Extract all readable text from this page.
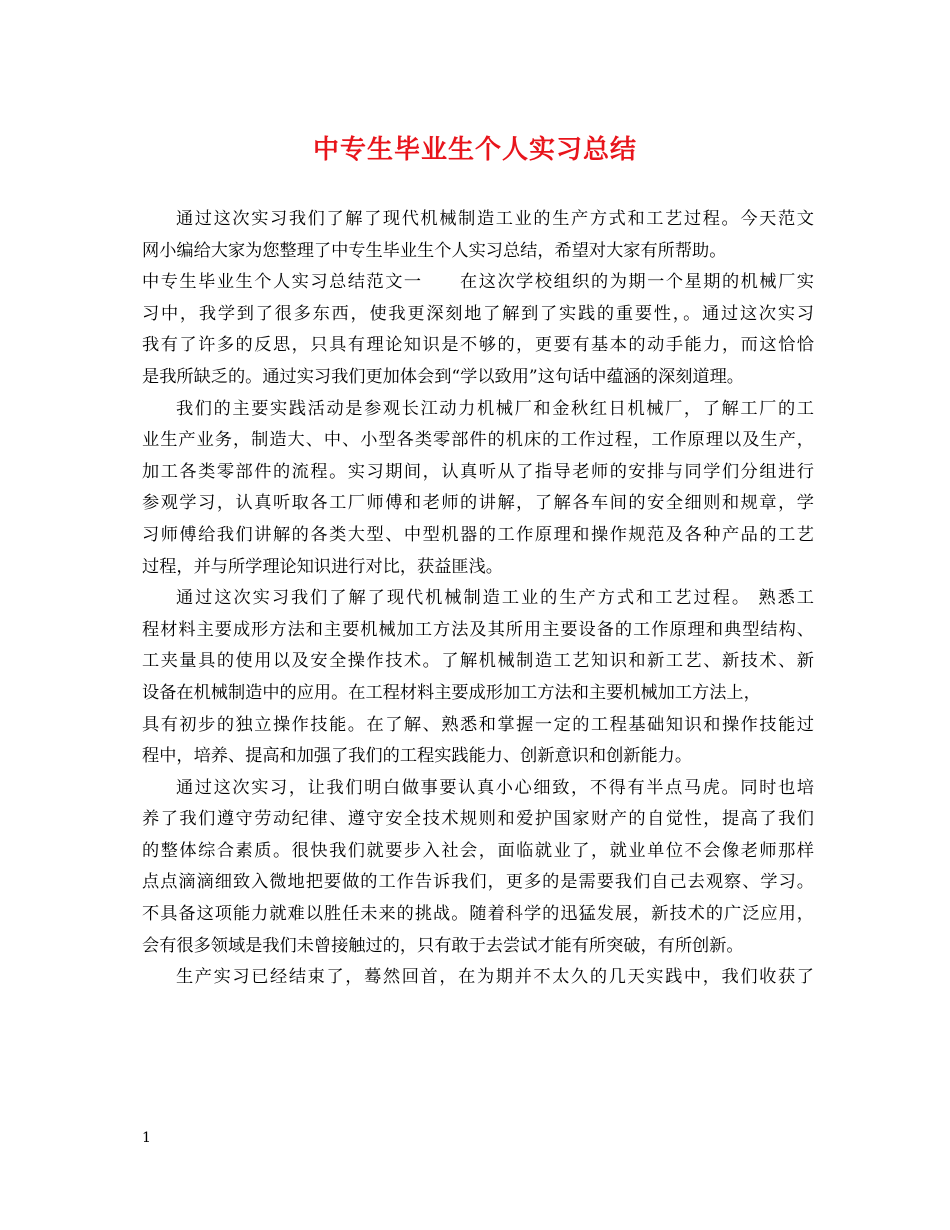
中专生毕业生个人实习总结
通过这次实习我们了解了现代机械制造工业的生产方式和工艺过程。今天范文
网小编给大家为您整理了中专生毕业生个人实习总结，希望对大家有所帮助。
中专生毕业生个人实习总结范文一　　在这次学校组织的为期一个星期的机械厂实
习中，我学到了很多东西，使我更深刻地了解到了实践的重要性，。通过这次实习
我有了许多的反思，只具有理论知识是不够的，更要有基本的动手能力，而这恰恰
是我所缺乏的。通过实习我们更加体会到“学以致用”这句话中蕴涵的深刻道理。
我们的主要实践活动是参观长江动力机械厂和金秋红日机械厂，了解工厂的工
业生产业务，制造大、中、小型各类零部件的机床的工作过程，工作原理以及生产，
加工各类零部件的流程。实习期间，认真听从了指导老师的安排与同学们分组进行
参观学习，认真听取各工厂师傅和老师的讲解，了解各车间的安全细则和规章，学
习师傅给我们讲解的各类大型、中型机器的工作原理和操作规范及各种产品的工艺
过程，并与所学理论知识进行对比，获益匪浅。
通过这次实习我们了解了现代机械制造工业的生产方式和工艺过程。 熟悉工
程材料主要成形方法和主要机械加工方法及其所用主要设备的工作原理和典型结构、
工夹量具的使用以及安全操作技术。了解机械制造工艺知识和新工艺、新技术、新
设备在机械制造中的应用。在工程材料主要成形加工方法和主要机械加工方法上，
具有初步的独立操作技能。在了解、熟悉和掌握一定的工程基础知识和操作技能过
程中，培养、提高和加强了我们的工程实践能力、创新意识和创新能力。
通过这次实习，让我们明白做事要认真小心细致，不得有半点马虎。同时也培
养了我们遵守劳动纪律、遵守安全技术规则和爱护国家财产的自觉性，提高了我们
的整体综合素质。很快我们就要步入社会，面临就业了，就业单位不会像老师那样
点点滴滴细致入微地把要做的工作告诉我们，更多的是需要我们自己去观察、学习。
不具备这项能力就难以胜任未来的挑战。随着科学的迅猛发展，新技术的广泛应用，
会有很多领域是我们未曾接触过的，只有敢于去尝试才能有所突破，有所创新。
生产实习已经结束了，蓦然回首，在为期并不太久的几天实践中，我们收获了
1
